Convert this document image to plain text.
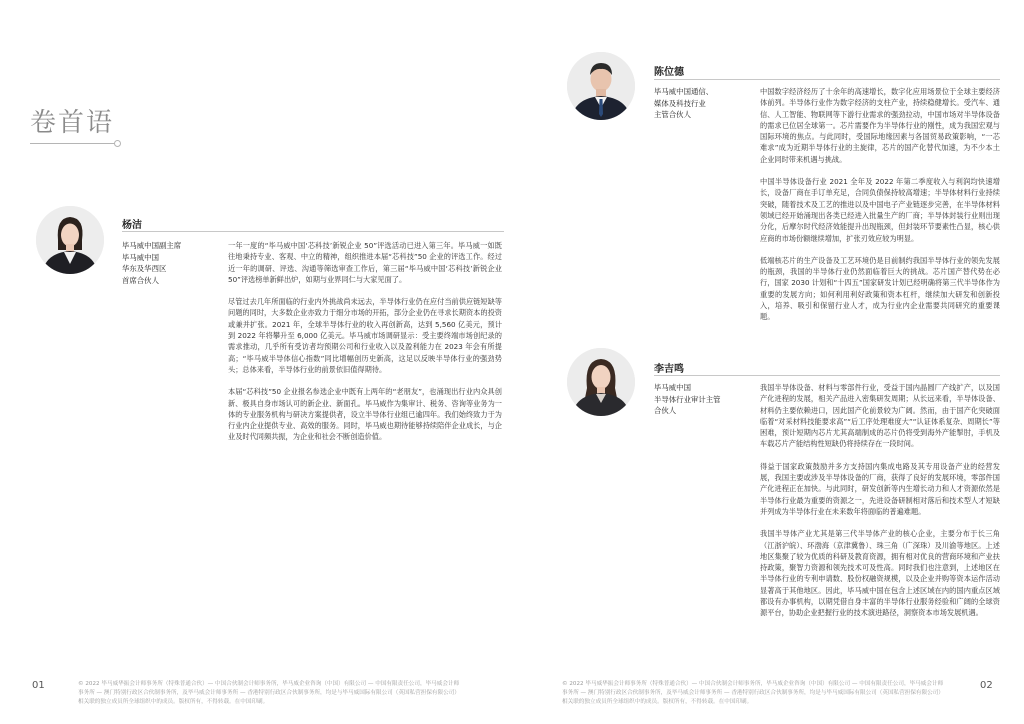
卷首语
杨洁
毕马威中国副主席
毕马威中国
华东及华西区
首席合伙人

一年一度的“毕马威中国‘芯科技’新锐企业 50”评选活动已进入第三年。毕马威一如既往地秉持专业、客观、中立的精神，组织推进本届“芯科技”50 企业的评选工作。经过近一年的调研、评选、沟通等筛选审查工作后，第三届“毕马威中国‘芯科技’新锐企业 50”评选榜单新鲜出炉，如期与业界同仁与大家见面了。

尽管过去几年所面临的行业内外挑战尚未远去，半导体行业仍在应付当前供应链短缺等问题的同时，大多数企业亦致力于细分市场的开拓，部分企业仍在寻求长期资本的投资或兼并扩张。2021 年，全球半导体行业的收入再创新高，达到 5,560 亿美元，预计到 2022 年将攀升至 6,000 亿美元。毕马威市场调研显示：受主要终端市场创纪录的需求推动，几乎所有受访者均预期公司和行业收入以及盈利能力在 2023 年会有所提高；“毕马威半导体信心指数”同比增幅创历史新高，这足以反映半导体行业的强劲势头；总体来看，半导体行业的前景依旧值得期待。

本届“芯科技”50 企业报名参选企业中既有上两年的“老朋友”，也涌现出行业内众具创新、极具自身市场认可的新企业、新面孔。毕马威作为集审计、税务、咨询等业务为一体的专业服务机构与研决方案提供者，设立半导体行业组已逾四年。我们始终致力于为行业内企业提供专业、高效的服务。同时，毕马威也期待能够持续陪伴企业成长，与企业及时代同频共振，为企业和社会不断创造价值。

陈位德
毕马威中国通信、
媒体及科技行业
主管合伙人

中国数字经济经历了十余年的高速增长，数字化应用场景位于全球主要经济体前列。半导体行业作为数字经济的支柱产业，持续稳健增长。受汽车、通信、人工智能、物联网等下游行业需求的强劲拉动，中国市场对半导体设备的需求已位居全球第一。芯片需要作为半导体行业的刚性，成为我国宏观与国际环境的焦点。与此同时，受国际地缘因素与各国贸易政策影响，“一芯难求”成为近期半导体行业的主旋律，芯片的国产化替代加速，为不少本土企业同时带来机遇与挑战。

中国半导体设备行业 2021 全年及 2022 年第二季度收入与利润均快速增长，设备厂商在手订单充足，合同负债保持较高增速；半导体材料行业持续突破，随着技术及工艺的推进以及中国电子产业链逐步完善，在半导体材料领域已经开始涌现出各类已经进入批量生产的厂商；半导体封装行业则出现分化，后摩尔时代经济效能提升出现瓶颈，但封装环节要素性凸显，核心供应商的市场份额继续增加，扩张刃效应较为明显。

低端核芯片的生产设备及工艺环境仍是目前制约我国半导体行业的领先发展的瓶颈，我国的半导体行业仍然面临着巨大的挑战。芯片国产替代势在必行，国家 2030 计划和“十四五”国家研发计划已经明确将第三代半导体作为重要的发展方向；如何利用利好政策和资本杠杆，继续加大研发和创新投入，培养、吸引和保留行业人才，成为行业内企业需要共同研究的重要课题。

李吉鸣
毕马威中国
半导体行业审计主管
合伙人

我国半导体设备、材料与零部件行业，受益于国内晶圆厂产线扩产，以及国产化进程的发展，相关产品进入密集研发周期；从长远来看，半导体设备、材料仍主要依赖进口，因此国产化前景较为广阔。然而，由于国产化突破面临着“对采材料技能要求高”“后工序处理难度大”“认证体系复杂、周期长”等困难，预计短期内芯片尤其高端制成的芯片仍将受到海外产能掣肘，手机及车载芯片产能结构性短缺仍将持续存在一段时间。

得益于国家政策鼓励并多方支持国内集成电路及其专用设备产业的经营发展，我国主要或涉及半导体设备的厂商，获得了良好的发展环境，零部件国产化进程正在加快。与此同时，研发创新等内生增长动力和人才资源依然是半导体行业最为重要的资源之一，先进设备研制相对落后和技术型人才短缺并列成为半导体行业在未来数年将面临的普遍难题。

我国半导体产业尤其是第三代半导体产业的核心企业，主要分布于长三角（江浙沪皖）、环渤海（京津冀鲁）、珠三角（广深珠）及川渝等地区。上述地区集聚了较为优质的科研及教育资源，拥有相对优良的营商环境和产业扶持政策，聚智力资源和领先技术可及性高。同时我们也注意到，上述地区在半导体行业的专利申请数、股份权融资规模，以及企业并购等资本运作活动显著高于其他地区。因此，毕马威中国在包含上述区域在内的国内重点区域都设有办事机构，以期凭借自身丰富的半导体行业服务经验和广阔的全球资源平台，协助企业把握行业的技术演进路径，洞察资本市场发展机遇。

01	© 2022 毕马威华振会计师事务所（特殊普通合伙）— 中国合伙制会计师事务所，毕马威企业咨询（中国）有限公司 — 中国有限责任公司，毕马威会计师事务所 — 澳门特别行政区合伙制事务所，及毕马威会计师事务所 — 香港特别行政区合伙制事务所，均是与毕马威国际有限公司（英国私营担保有限公司）相关联的独立成员所全球组织中的成员。版权所有，不得转载。在中国印刷。
© 2022 毕马威华振会计师事务所（特殊普通合伙）— 中国合伙制会计师事务所，毕马威企业咨询（中国）有限公司 — 中国有限责任公司，毕马威会计师事务所 — 澳门特别行政区合伙制事务所，及毕马威会计师事务所 — 香港特别行政区合伙制事务所，均是与毕马威国际有限公司（英国私营担保有限公司）相关联的独立成员所全球组织中的成员。版权所有，不得转载。在中国印刷。
02
